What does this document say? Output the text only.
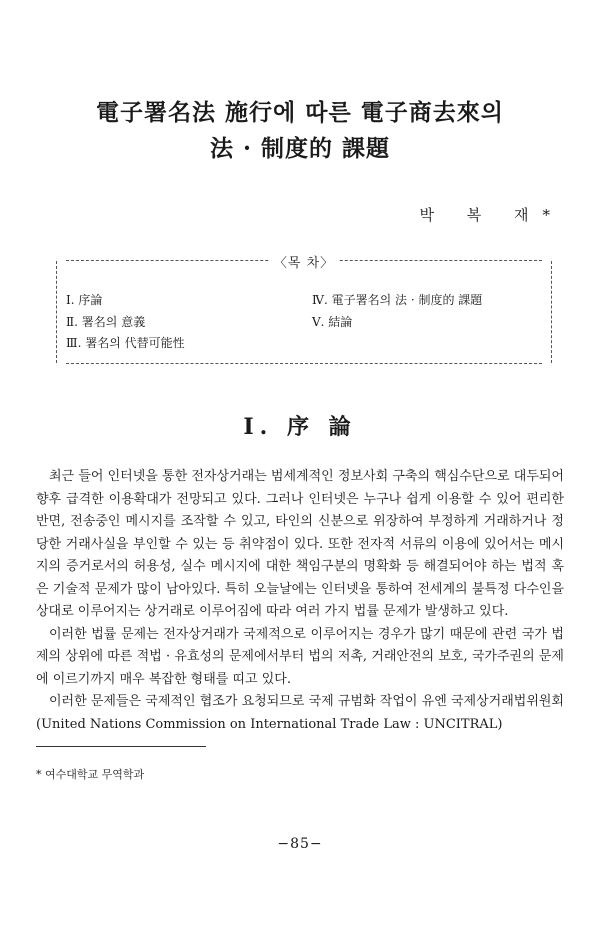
電子署名法 施行에 따른 電子商去來의
法 · 制度的 課題
박 복 재*
〈목 차〉
Ⅰ. 序論
Ⅱ. 署名의 意義
Ⅲ. 署名의 代替可能性
Ⅳ. 電子署名의 法 · 制度的 課題
Ⅴ. 結論
Ⅰ. 序 論

최근 들어 인터넷을 통한 전자상거래는 범세계적인 정보사회 구축의 핵심수단으로 대두되어 향후 급격한 이용확대가 전망되고 있다. 그러나 인터넷은 누구나 쉽게 이용할 수 있어 편리한 반면, 전송중인 메시지를 조작할 수 있고, 타인의 신분으로 위장하여 부정하게 거래하거나 정당한 거래사실을 부인할 수 있는 등 취약점이 있다. 또한 전자적 서류의 이용에 있어서는 메시지의 증거로서의 허용성, 실수 메시지에 대한 책임구분의 명확화 등 해결되어야 하는 법적 혹은 기술적 문제가 많이 남아있다. 특히 오늘날에는 인터넷을 통하여 전세계의 불특정 다수인을 상대로 이루어지는 상거래로 이루어짐에 따라 여러 가지 법률 문제가 발생하고 있다.

이러한 법률 문제는 전자상거래가 국제적으로 이루어지는 경우가 많기 때문에 관련 국가 법제의 상위에 따른 적법 · 유효성의 문제에서부터 법의 저촉, 거래안전의 보호, 국가주권의 문제에 이르기까지 매우 복잡한 형태를 띠고 있다.

이러한 문제들은 국제적인 협조가 요청되므로 국제 규범화 작업이 유엔 국제상거래법위원회(United Nations Commission on International Trade Law : UNCITRAL)

* 여수대학교 무역학과
−85−
